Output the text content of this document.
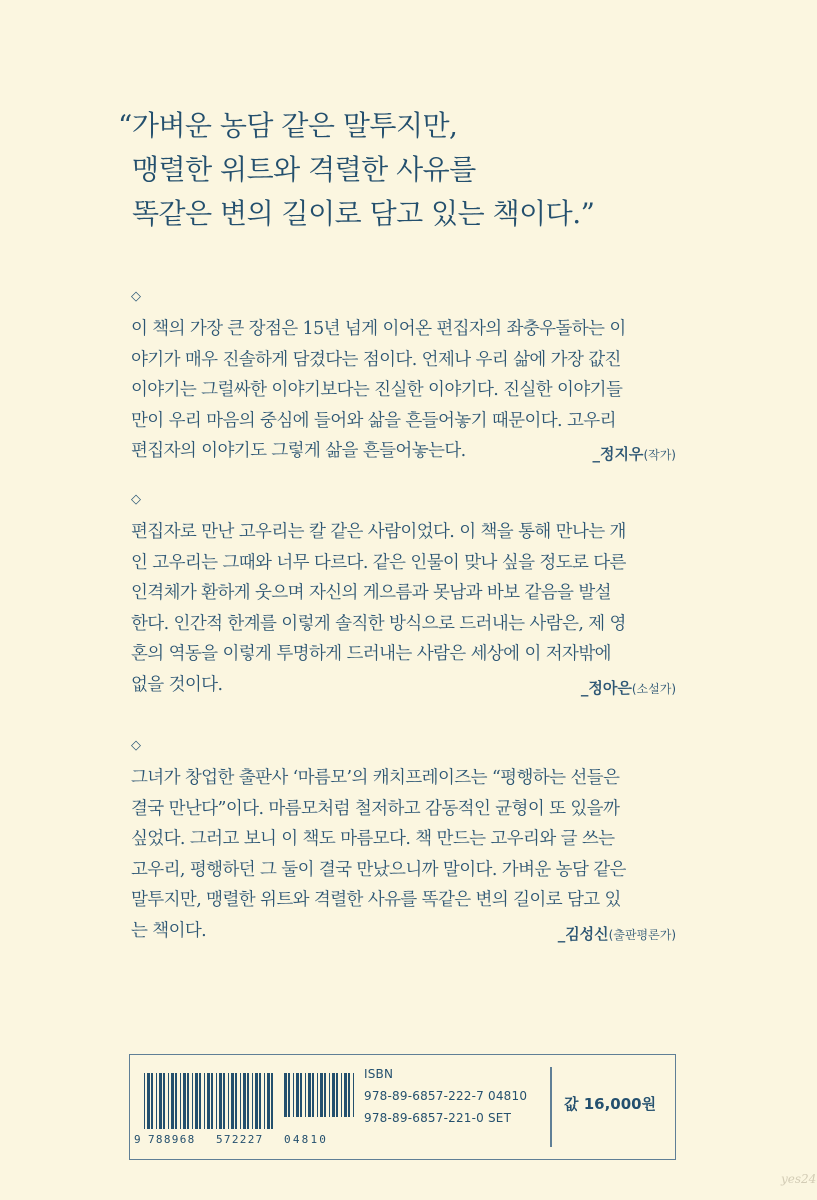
“가벼운 농담 같은 말투지만,
맹렬한 위트와 격렬한 사유를
똑같은 변의 길이로 담고 있는 책이다.”
◇
이 책의 가장 큰 장점은 15년 넘게 이어온 편집자의 좌충우돌하는 이
야기가 매우 진솔하게 담겼다는 점이다. 언제나 우리 삶에 가장 값진
이야기는 그럴싸한 이야기보다는 진실한 이야기다. 진실한 이야기들
만이 우리 마음의 중심에 들어와 삶을 흔들어놓기 때문이다. 고우리
편집자의 이야기도 그렇게 삶을 흔들어놓는다.	_정지우(작가)
◇
편집자로 만난 고우리는 칼 같은 사람이었다. 이 책을 통해 만나는 개
인 고우리는 그때와 너무 다르다. 같은 인물이 맞나 싶을 정도로 다른
인격체가 환하게 웃으며 자신의 게으름과 못남과 바보 같음을 발설
한다. 인간적 한계를 이렇게 솔직한 방식으로 드러내는 사람은, 제 영
혼의 역동을 이렇게 투명하게 드러내는 사람은 세상에 이 저자밖에
없을 것이다.	_정아은(소설가)
◇
그녀가 창업한 출판사 ‘마름모’의 캐치프레이즈는 “평행하는 선들은
결국 만난다”이다. 마름모처럼 철저하고 감동적인 균형이 또 있을까
싶었다. 그러고 보니 이 책도 마름모다. 책 만드는 고우리와 글 쓰는
고우리, 평행하던 그 둘이 결국 만났으니까 말이다. 가벼운 농담 같은
말투지만, 맹렬한 위트와 격렬한 사유를 똑같은 변의 길이로 담고 있
는 책이다.	_김성신(출판평론가)
9 788968 572227 04810
ISBN
978-89-6857-222-7 04810
978-89-6857-221-0 SET
값 16,000원
yes24
